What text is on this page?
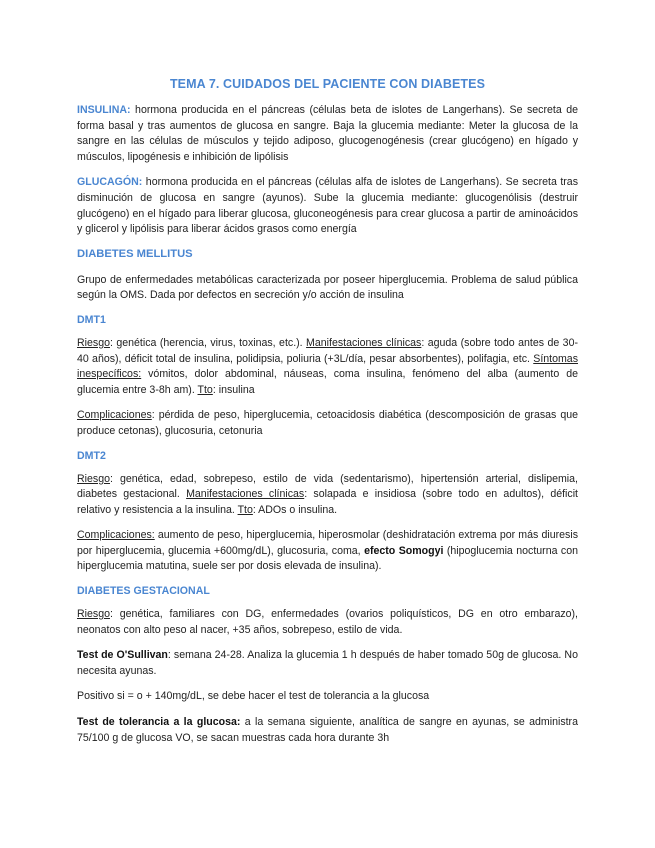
TEMA 7. CUIDADOS DEL PACIENTE CON DIABETES

INSULINA: hormona producida en el páncreas (células beta de islotes de Langerhans). Se secreta de forma basal y tras aumentos de glucosa en sangre. Baja la glucemia mediante: Meter la glucosa de la sangre en las células de músculos y tejido adiposo, glucogenogénesis (crear glucógeno) en hígado y músculos, lipogénesis e inhibición de lipólisis

GLUCAGÓN: hormona producida en el páncreas (células alfa de islotes de Langerhans). Se secreta tras disminución de glucosa en sangre (ayunos). Sube la glucemia mediante: glucogenólisis (destruir glucógeno) en el hígado para liberar glucosa, gluconeogénesis para crear glucosa a partir de aminoácidos y glicerol y lipólisis para liberar ácidos grasos como energía

DIABETES MELLITUS

Grupo de enfermedades metabólicas caracterizada por poseer hiperglucemia. Problema de salud pública según la OMS. Dada por defectos en secreción y/o acción de insulina

DMT1

Riesgo: genética (herencia, virus, toxinas, etc.). Manifestaciones clínicas: aguda (sobre todo antes de 30-40 años), déficit total de insulina, polidipsia, poliuria (+3L/día, pesar absorbentes), polifagia, etc. Síntomas inespecíficos: vómitos, dolor abdominal, náuseas, coma insulina, fenómeno del alba (aumento de glucemia entre 3-8h am). Tto: insulina

Complicaciones: pérdida de peso, hiperglucemia, cetoacidosis diabética (descomposición de grasas que produce cetonas), glucosuria, cetonuria

DMT2

Riesgo: genética, edad, sobrepeso, estilo de vida (sedentarismo), hipertensión arterial, dislipemia, diabetes gestacional. Manifestaciones clínicas: solapada e insidiosa (sobre todo en adultos), déficit relativo y resistencia a la insulina. Tto: ADOs o insulina.

Complicaciones: aumento de peso, hiperglucemia, hiperosmolar (deshidratación extrema por más diuresis por hiperglucemia, glucemia +600mg/dL), glucosuria, coma, efecto Somogyi (hipoglucemia nocturna con hiperglucemia matutina, suele ser por dosis elevada de insulina).

DIABETES GESTACIONAL

Riesgo: genética, familiares con DG, enfermedades (ovarios poliquísticos, DG en otro embarazo), neonatos con alto peso al nacer, +35 años, sobrepeso, estilo de vida.

Test de O'Sullivan: semana 24-28. Analiza la glucemia 1 h después de haber tomado 50g de glucosa. No necesita ayunas.

Positivo si = o + 140mg/dL, se debe hacer el test de tolerancia a la glucosa

Test de tolerancia a la glucosa: a la semana siguiente, analítica de sangre en ayunas, se administra 75/100 g de glucosa VO, se sacan muestras cada hora durante 3h
